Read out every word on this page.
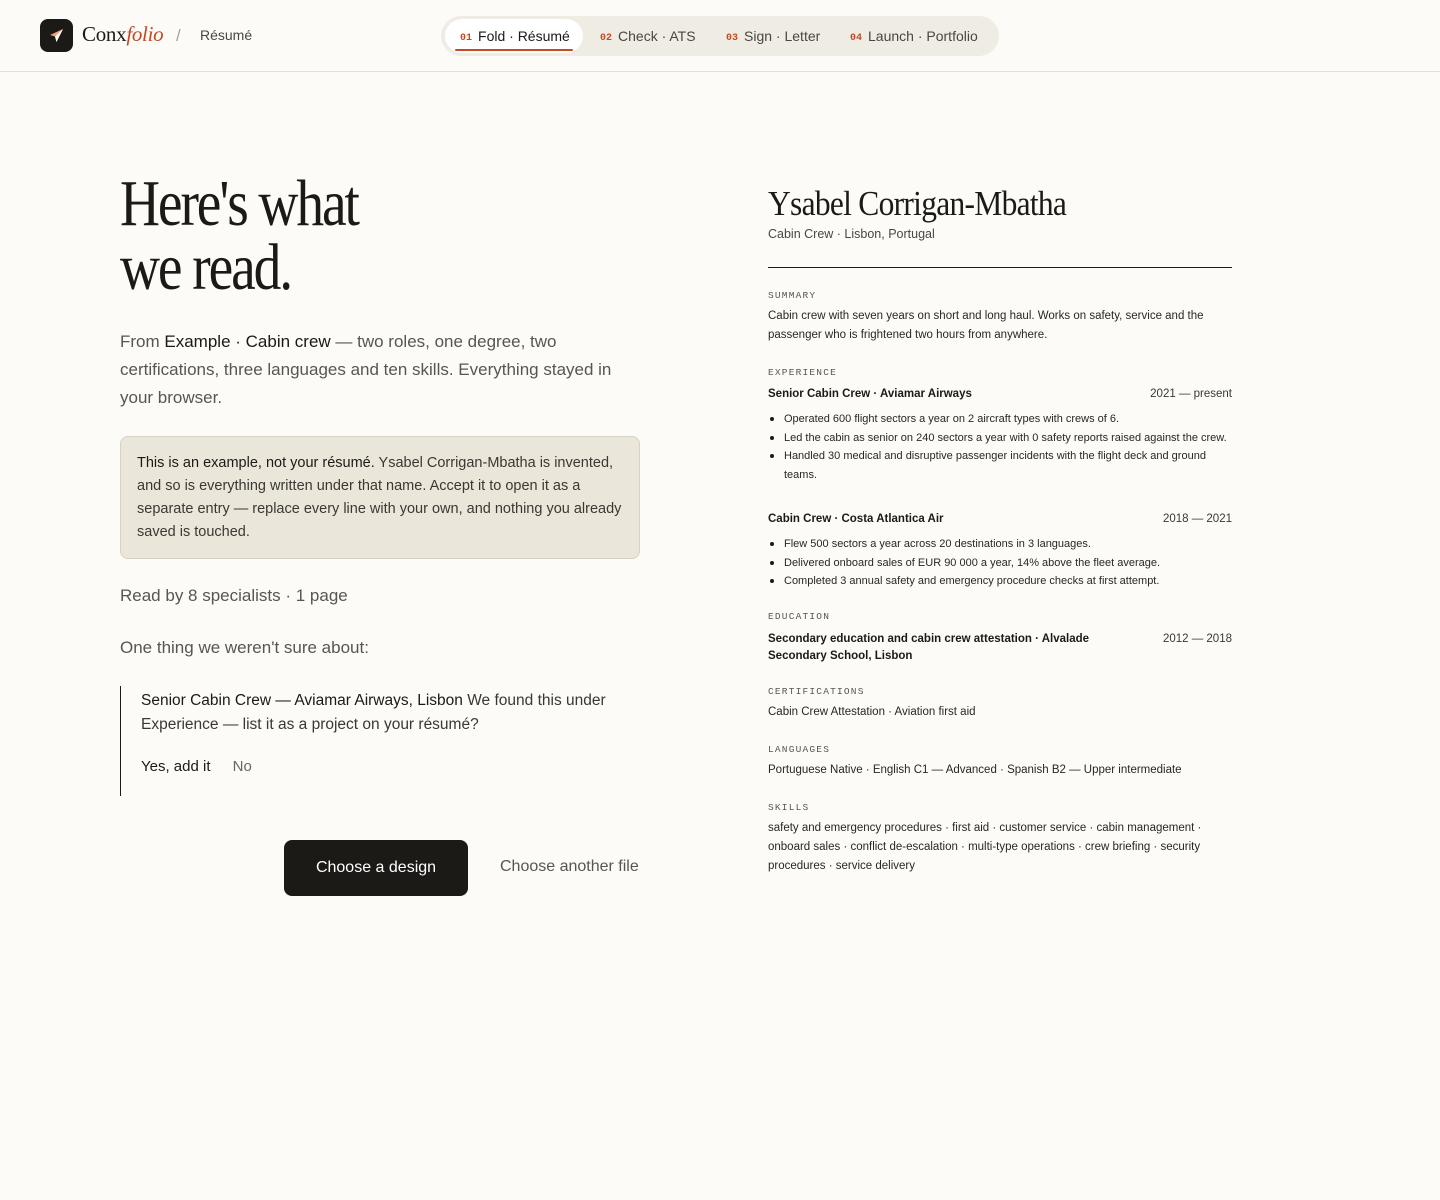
Conxfolio / Résumé	01 Fold · Résumé	02 Check · ATS	03 Sign · Letter	04 Launch · Portfolio
Here's what
we read.
From Example · Cabin crew — two roles, one degree, two certifications, three languages and ten skills. Everything stayed in your browser.
This is an example, not your résumé. Ysabel Corrigan-Mbatha is invented, and so is everything written under that name. Accept it to open it as a separate entry — replace every line with your own, and nothing you already saved is touched.
Read by 8 specialists · 1 page
One thing we weren't sure about:

Senior Cabin Crew — Aviamar Airways, Lisbon We found this under Experience — list it as a project on your résumé?

Yes, add it No
Choose a design	Choose another file
Ysabel Corrigan-Mbatha
Cabin Crew · Lisbon, Portugal
SUMMARY
Cabin crew with seven years on short and long haul. Works on safety, service and the passenger who is frightened two hours from anywhere.
EXPERIENCE
Senior Cabin Crew · Aviamar Airways	2021 — present
Operated 600 flight sectors a year on 2 aircraft types with crews of 6.
Led the cabin as senior on 240 sectors a year with 0 safety reports raised against the crew.
Handled 30 medical and disruptive passenger incidents with the flight deck and ground teams.
Cabin Crew · Costa Atlantica Air	2018 — 2021
Flew 500 sectors a year across 20 destinations in 3 languages.
Delivered onboard sales of EUR 90 000 a year, 14% above the fleet average.
Completed 3 annual safety and emergency procedure checks at first attempt.
EDUCATION
Secondary education and cabin crew attestation · Alvalade Secondary School, Lisbon
2012 — 2018
CERTIFICATIONS
Cabin Crew Attestation · Aviation first aid
LANGUAGES
Portuguese Native · English C1 — Advanced · Spanish B2 — Upper intermediate
SKILLS
safety and emergency procedures · first aid · customer service · cabin management · onboard sales · conflict de-escalation · multi-type operations · crew briefing · security procedures · service delivery
